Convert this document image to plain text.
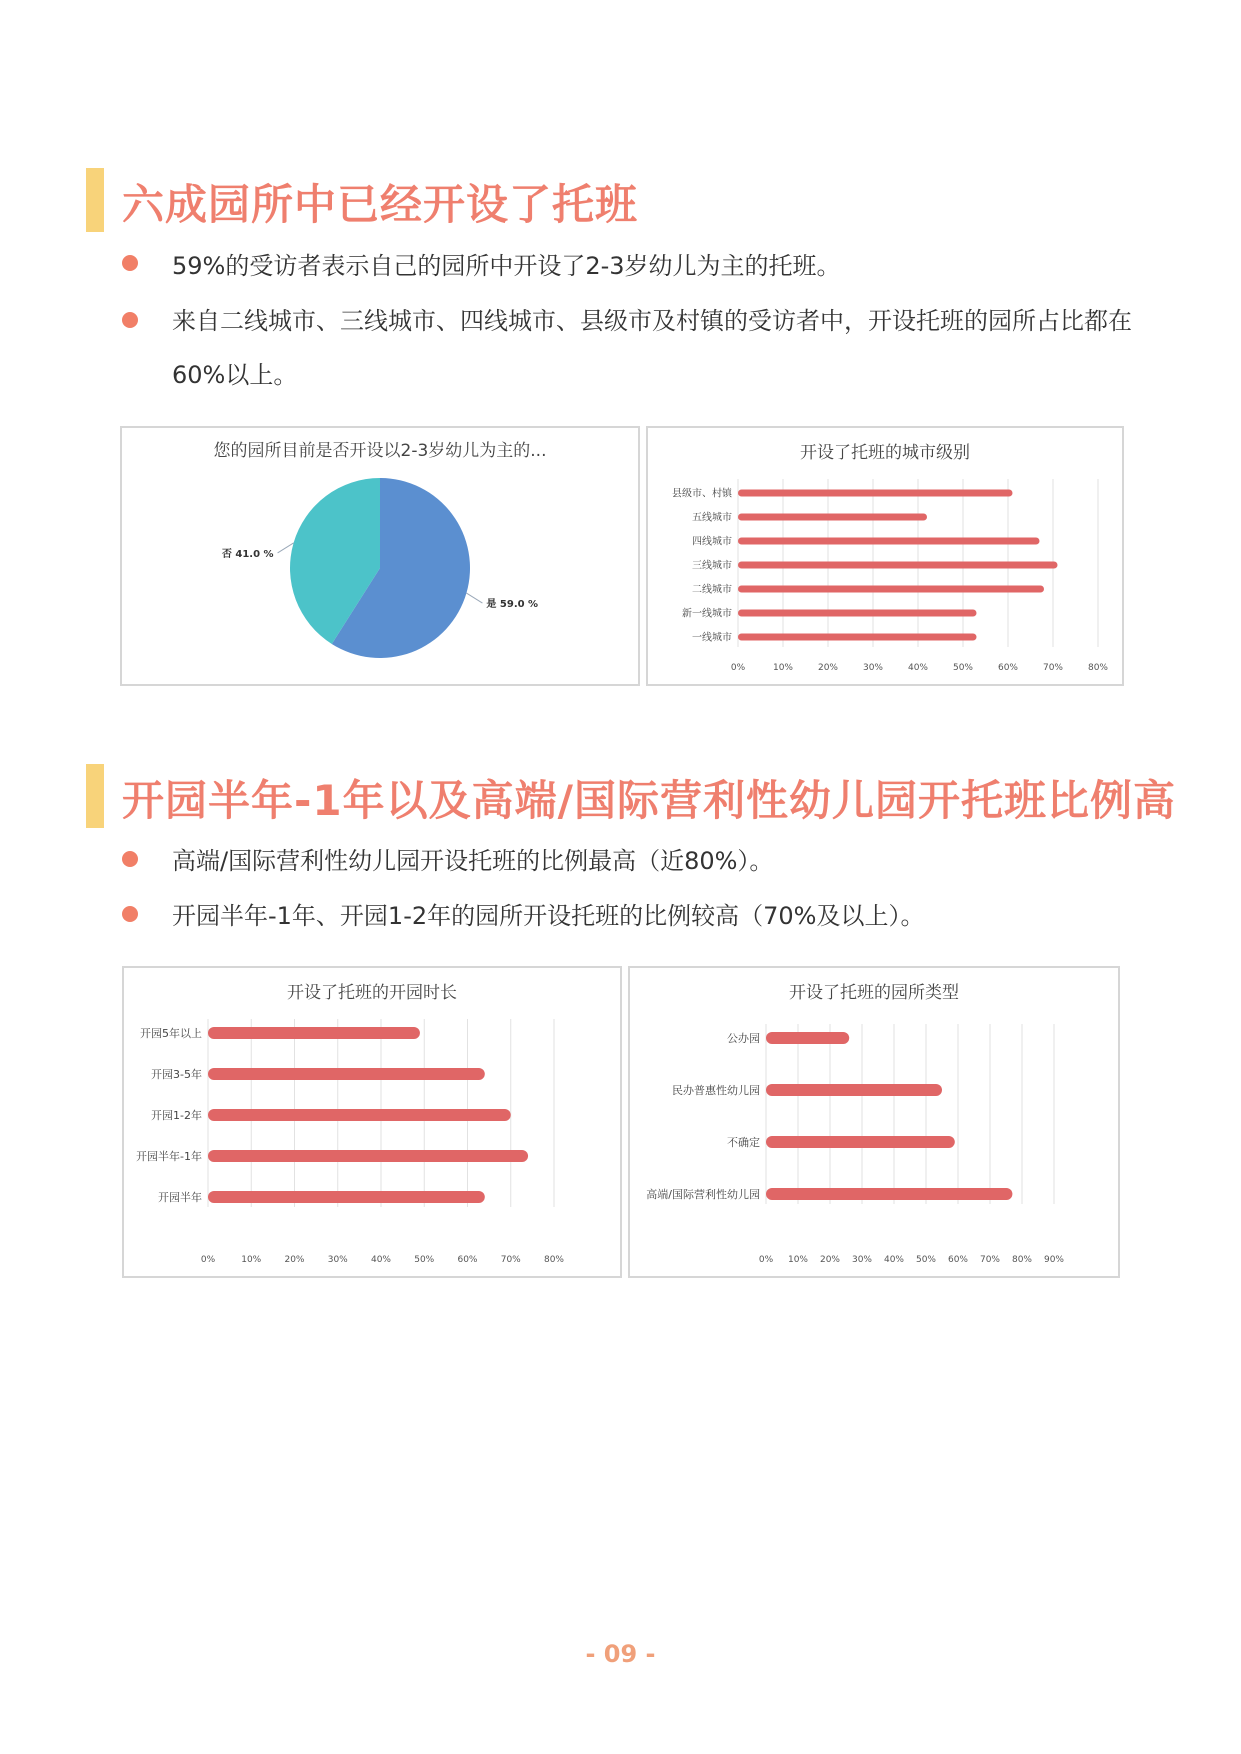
六成园所中已经开设了托班
59%的受访者表示自己的园所中开设了2-3岁幼儿为主的托班。
来自二线城市、三线城市、四线城市、县级市及村镇的受访者中，开设托班的园所占比都在
60%以上。
您的园所目前是否开设以2-3岁幼儿为主的...
是 59.0 %
否 41.0 %
开设了托班的城市级别
0%	10%	20%	30%	40%	50%	60%	70%	80%
县级市、村镇
五线城市
四线城市
三线城市
二线城市
新一线城市
一线城市
开园半年-1年以及高端/国际营利性幼儿园开托班比例高
高端/国际营利性幼儿园开设托班的比例最高（近80%）。
开园半年-1年、开园1-2年的园所开设托班的比例较高（70%及以上）。
开设了托班的开园时长
0%	10%	20%	30%	40%	50%	60%	70%	80%
开园5年以上
开园3-5年
开园1-2年
开园半年-1年
开园半年
开设了托班的园所类型
0% 10% 20% 30% 40% 50% 60% 70% 80% 90%
公办园
民办普惠性幼儿园
不确定
高端/国际营利性幼儿园
- 09 -
